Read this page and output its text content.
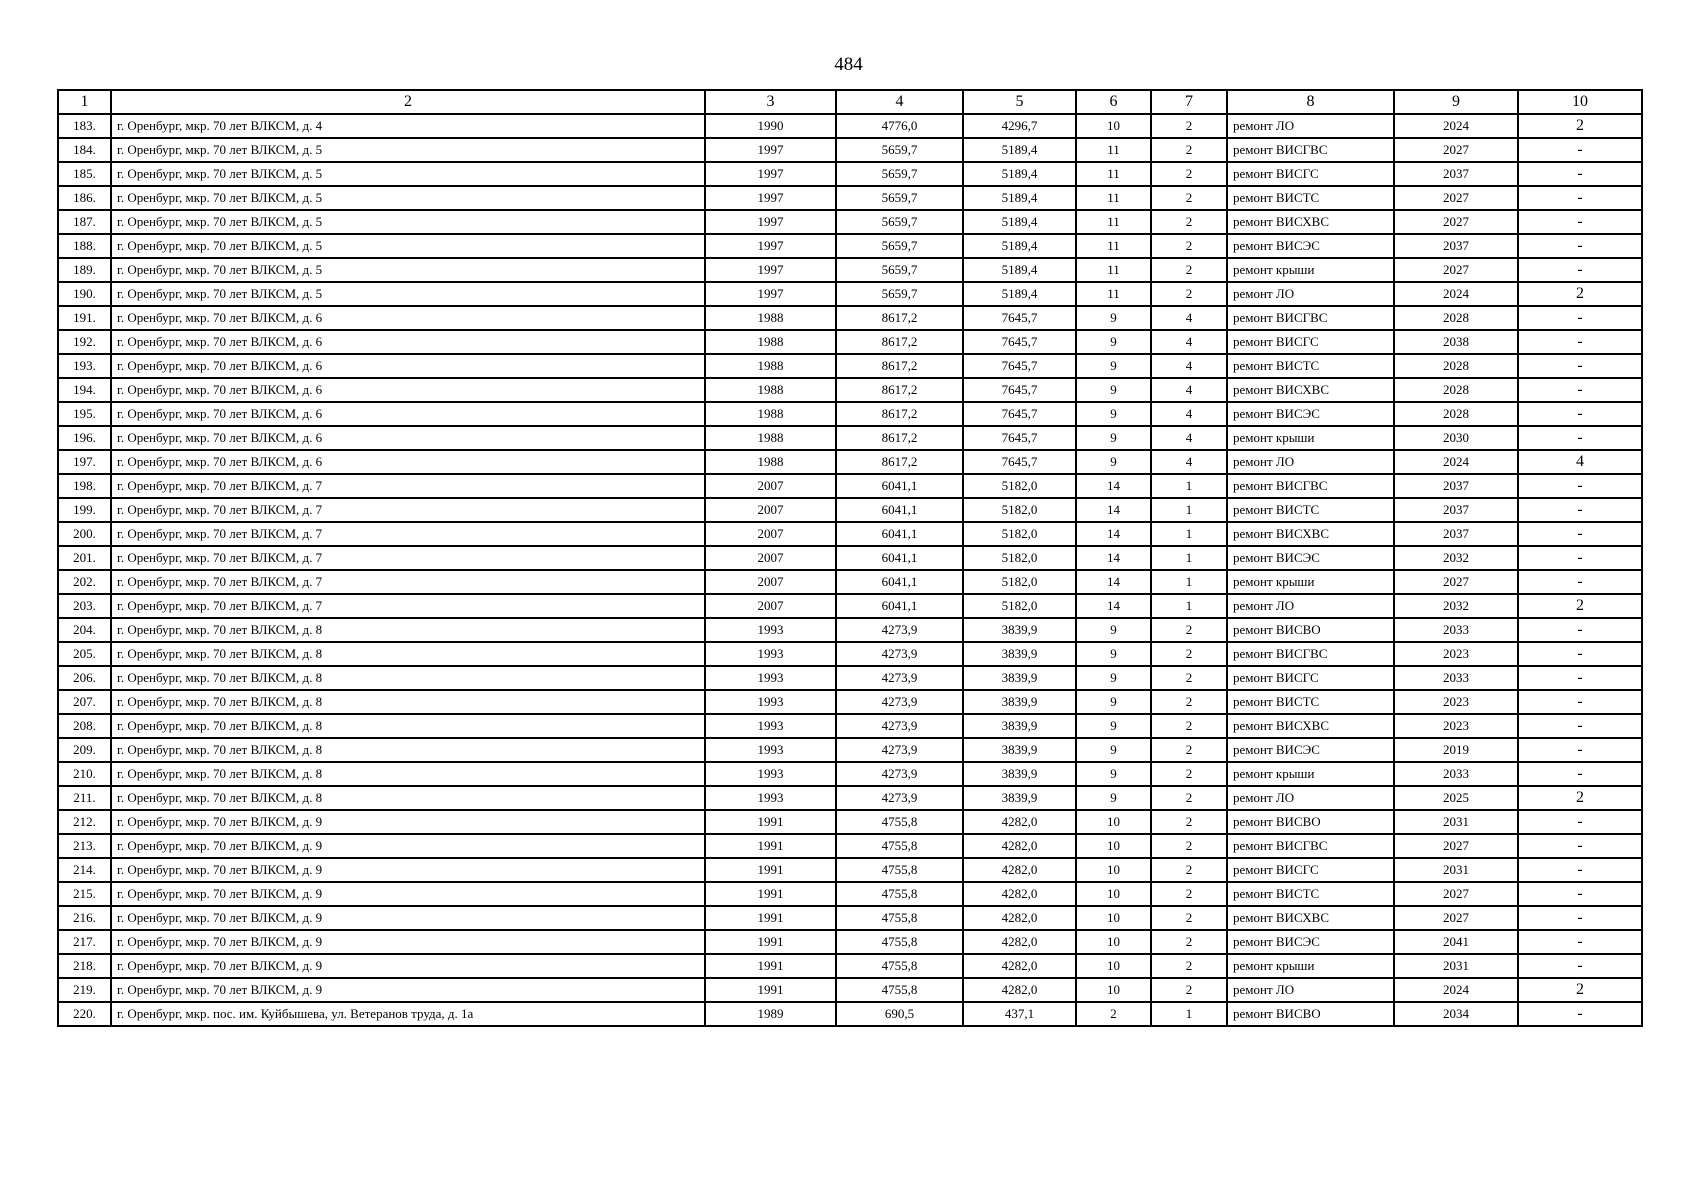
484
1	2	3	4	5	6	7	8	9	10
183.	г. Оренбург, мкр. 70 лет ВЛКСМ, д. 4	1990	4776,0	4296,7	10	2	ремонт ЛО	2024	2
184.	г. Оренбург, мкр. 70 лет ВЛКСМ, д. 5	1997	5659,7	5189,4	11	2	ремонт ВИСГВС	2027	-
185.	г. Оренбург, мкр. 70 лет ВЛКСМ, д. 5	1997	5659,7	5189,4	11	2	ремонт ВИСГС	2037	-
186.	г. Оренбург, мкр. 70 лет ВЛКСМ, д. 5	1997	5659,7	5189,4	11	2	ремонт ВИСТС	2027	-
187.	г. Оренбург, мкр. 70 лет ВЛКСМ, д. 5	1997	5659,7	5189,4	11	2	ремонт ВИСХВС	2027	-
188.	г. Оренбург, мкр. 70 лет ВЛКСМ, д. 5	1997	5659,7	5189,4	11	2	ремонт ВИСЭС	2037	-
189.	г. Оренбург, мкр. 70 лет ВЛКСМ, д. 5	1997	5659,7	5189,4	11	2	ремонт крыши	2027	-
190.	г. Оренбург, мкр. 70 лет ВЛКСМ, д. 5	1997	5659,7	5189,4	11	2	ремонт ЛО	2024	2
191.	г. Оренбург, мкр. 70 лет ВЛКСМ, д. 6	1988	8617,2	7645,7	9	4	ремонт ВИСГВС	2028	-
192.	г. Оренбург, мкр. 70 лет ВЛКСМ, д. 6	1988	8617,2	7645,7	9	4	ремонт ВИСГС	2038	-
193.	г. Оренбург, мкр. 70 лет ВЛКСМ, д. 6	1988	8617,2	7645,7	9	4	ремонт ВИСТС	2028	-
194.	г. Оренбург, мкр. 70 лет ВЛКСМ, д. 6	1988	8617,2	7645,7	9	4	ремонт ВИСХВС	2028	-
195.	г. Оренбург, мкр. 70 лет ВЛКСМ, д. 6	1988	8617,2	7645,7	9	4	ремонт ВИСЭС	2028	-
196.	г. Оренбург, мкр. 70 лет ВЛКСМ, д. 6	1988	8617,2	7645,7	9	4	ремонт крыши	2030	-
197.	г. Оренбург, мкр. 70 лет ВЛКСМ, д. 6	1988	8617,2	7645,7	9	4	ремонт ЛО	2024	4
198.	г. Оренбург, мкр. 70 лет ВЛКСМ, д. 7	2007	6041,1	5182,0	14	1	ремонт ВИСГВС	2037	-
199.	г. Оренбург, мкр. 70 лет ВЛКСМ, д. 7	2007	6041,1	5182,0	14	1	ремонт ВИСТС	2037	-
200.	г. Оренбург, мкр. 70 лет ВЛКСМ, д. 7	2007	6041,1	5182,0	14	1	ремонт ВИСХВС	2037	-
201.	г. Оренбург, мкр. 70 лет ВЛКСМ, д. 7	2007	6041,1	5182,0	14	1	ремонт ВИСЭС	2032	-
202.	г. Оренбург, мкр. 70 лет ВЛКСМ, д. 7	2007	6041,1	5182,0	14	1	ремонт крыши	2027	-
203.	г. Оренбург, мкр. 70 лет ВЛКСМ, д. 7	2007	6041,1	5182,0	14	1	ремонт ЛО	2032	2
204.	г. Оренбург, мкр. 70 лет ВЛКСМ, д. 8	1993	4273,9	3839,9	9	2	ремонт ВИСВО	2033	-
205.	г. Оренбург, мкр. 70 лет ВЛКСМ, д. 8	1993	4273,9	3839,9	9	2	ремонт ВИСГВС	2023	-
206.	г. Оренбург, мкр. 70 лет ВЛКСМ, д. 8	1993	4273,9	3839,9	9	2	ремонт ВИСГС	2033	-
207.	г. Оренбург, мкр. 70 лет ВЛКСМ, д. 8	1993	4273,9	3839,9	9	2	ремонт ВИСТС	2023	-
208.	г. Оренбург, мкр. 70 лет ВЛКСМ, д. 8	1993	4273,9	3839,9	9	2	ремонт ВИСХВС	2023	-
209.	г. Оренбург, мкр. 70 лет ВЛКСМ, д. 8	1993	4273,9	3839,9	9	2	ремонт ВИСЭС	2019	-
210.	г. Оренбург, мкр. 70 лет ВЛКСМ, д. 8	1993	4273,9	3839,9	9	2	ремонт крыши	2033	-
211.	г. Оренбург, мкр. 70 лет ВЛКСМ, д. 8	1993	4273,9	3839,9	9	2	ремонт ЛО	2025	2
212.	г. Оренбург, мкр. 70 лет ВЛКСМ, д. 9	1991	4755,8	4282,0	10	2	ремонт ВИСВО	2031	-
213.	г. Оренбург, мкр. 70 лет ВЛКСМ, д. 9	1991	4755,8	4282,0	10	2	ремонт ВИСГВС	2027	-
214.	г. Оренбург, мкр. 70 лет ВЛКСМ, д. 9	1991	4755,8	4282,0	10	2	ремонт ВИСГС	2031	-
215.	г. Оренбург, мкр. 70 лет ВЛКСМ, д. 9	1991	4755,8	4282,0	10	2	ремонт ВИСТС	2027	-
216.	г. Оренбург, мкр. 70 лет ВЛКСМ, д. 9	1991	4755,8	4282,0	10	2	ремонт ВИСХВС	2027	-
217.	г. Оренбург, мкр. 70 лет ВЛКСМ, д. 9	1991	4755,8	4282,0	10	2	ремонт ВИСЭС	2041	-
218.	г. Оренбург, мкр. 70 лет ВЛКСМ, д. 9	1991	4755,8	4282,0	10	2	ремонт крыши	2031	-
219.	г. Оренбург, мкр. 70 лет ВЛКСМ, д. 9	1991	4755,8	4282,0	10	2	ремонт ЛО	2024	2
220.	г. Оренбург, мкр. пос. им. Куйбышева, ул. Ветеранов труда, д. 1а	1989	690,5	437,1	2	1	ремонт ВИСВО	2034	-
